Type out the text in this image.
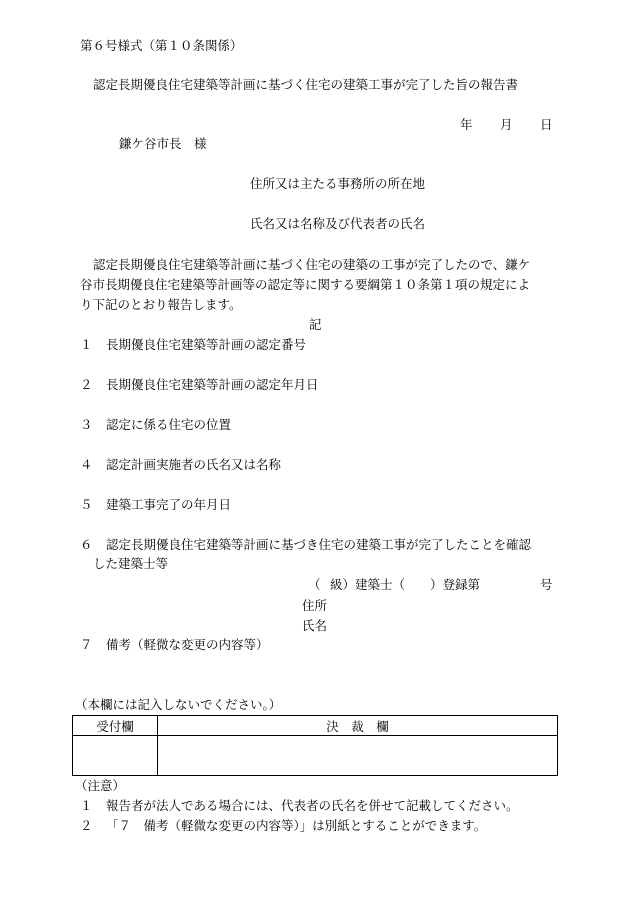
第６号様式（第１０条関係）
認定長期優良住宅建築等計画に基づく住宅の建築工事が完了した旨の報告書
年 月 日
鎌ケ谷市長　様
住所又は主たる事務所の所在地
氏名又は名称及び代表者の氏名
認定長期優良住宅建築等計画に基づく住宅の建築の工事が完了したので、鎌ケ
谷市長期優良住宅建築等計画等の認定等に関する要綱第１０条第１項の規定によ
り下記のとおり報告します。
記
１	長期優良住宅建築等計画の認定番号
２	長期優良住宅建築等計画の認定年月日
３	認定に係る住宅の位置
４	認定計画実施者の氏名又は名称
５	建築工事完了の年月日
６	認定長期優良住宅建築等計画に基づき住宅の建築工事が完了したことを確認
した建築士等
（ 級）建築士（ ）登録第	号
住所
氏名
７	備考（軽微な変更の内容等）
（本欄には記入しないでください。）
受付欄	決　裁　欄

（注意）
１	報告者が法人である場合には、代表者の氏名を併せて記載してください。
２	「７　備考（軽微な変更の内容等）」は別紙とすることができます。
